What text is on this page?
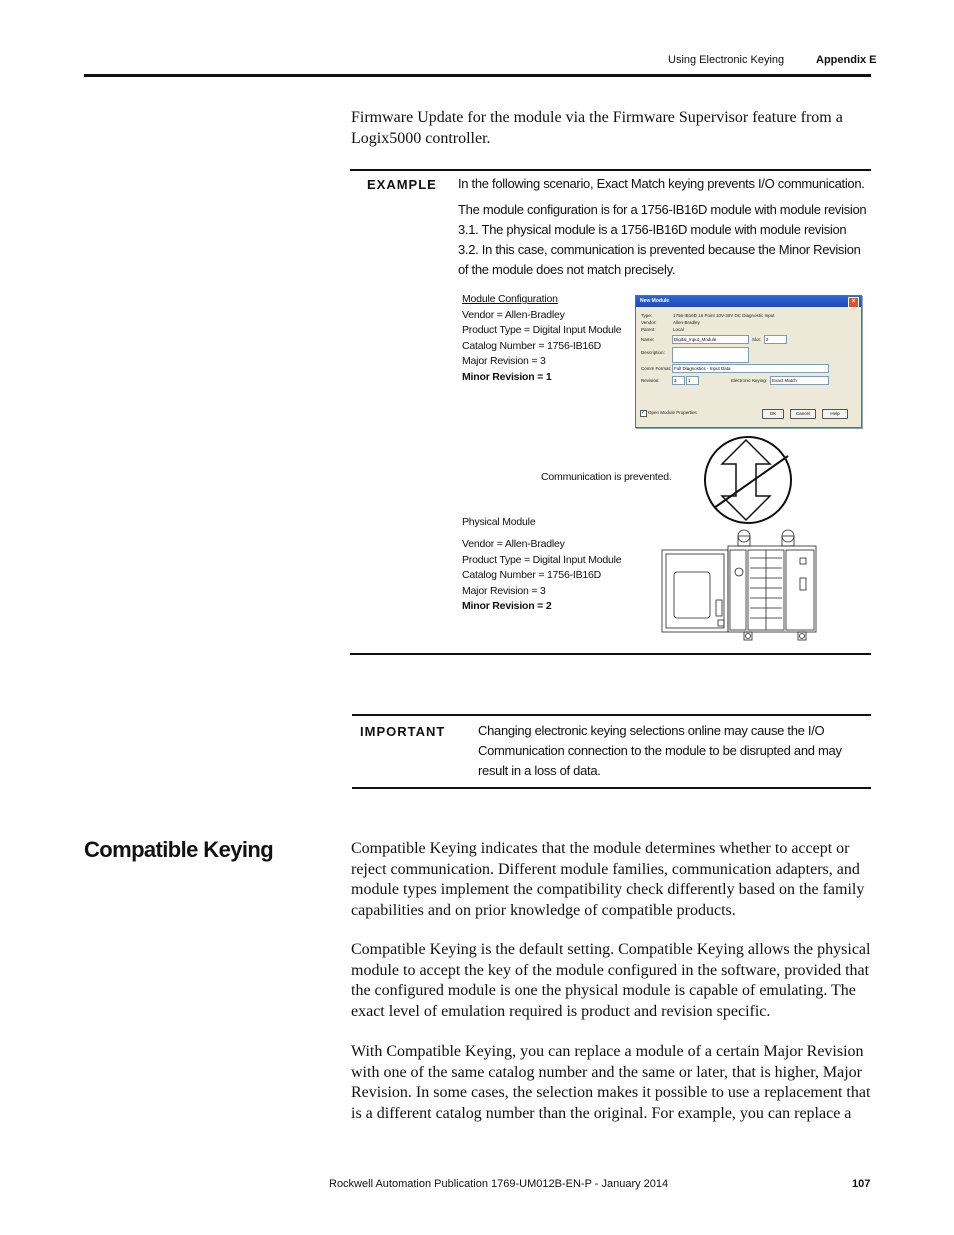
Using Electronic Keying	Appendix E

Firmware Update for the module via the Firmware Supervisor feature from a Logix5000 controller.

EXAMPLE In the following scenario, Exact Match keying prevents I/O communication.

The module configuration is for a 1756-IB16D module with module revision 3.1. The physical module is a 1756-IB16D module with module revision 3.2. In this case, communication is prevented because the Minor Revision of the module does not match precisely.

Module Configuration
Vendor = Allen-Bradley
Product Type = Digital Input Module
Catalog Number = 1756-IB16D
Major Revision = 3
Minor Revision = 1
New Module	×
Type:	1756-IB16D 16 Point 10V-30V DC Diagnostic Input
Vendor:	Allen-Bradley
Parent:	Local
Name:	Digital_Input_Module	Slot:	2
Description:
Comm Format: Full Diagnostics - Input Data
Revision:	3	1	Electronic Keying:	Exact Match
✓ Open Module Properties	OK	Cancel	Help
Communication is prevented.
Physical Module
Vendor = Allen-Bradley
Product Type = Digital Input Module
Catalog Number = 1756-IB16D
Major Revision = 3
Minor Revision = 2
IMPORTANT	Changing electronic keying selections online may cause the I/O Communication connection to the module to be disrupted and may result in a loss of data.

Compatible Keying	Compatible Keying indicates that the module determines whether to accept or reject communication. Different module families, communication adapters, and module types implement the compatibility check differently based on the family capabilities and on prior knowledge of compatible products.

Compatible Keying is the default setting. Compatible Keying allows the physical module to accept the key of the module configured in the software, provided that the configured module is one the physical module is capable of emulating. The exact level of emulation required is product and revision specific.

With Compatible Keying, you can replace a module of a certain Major Revision with one of the same catalog number and the same or later, that is higher, Major Revision. In some cases, the selection makes it possible to use a replacement that is a different catalog number than the original. For example, you can replace a

Rockwell Automation Publication 1769-UM012B-EN-P - January 2014	107
